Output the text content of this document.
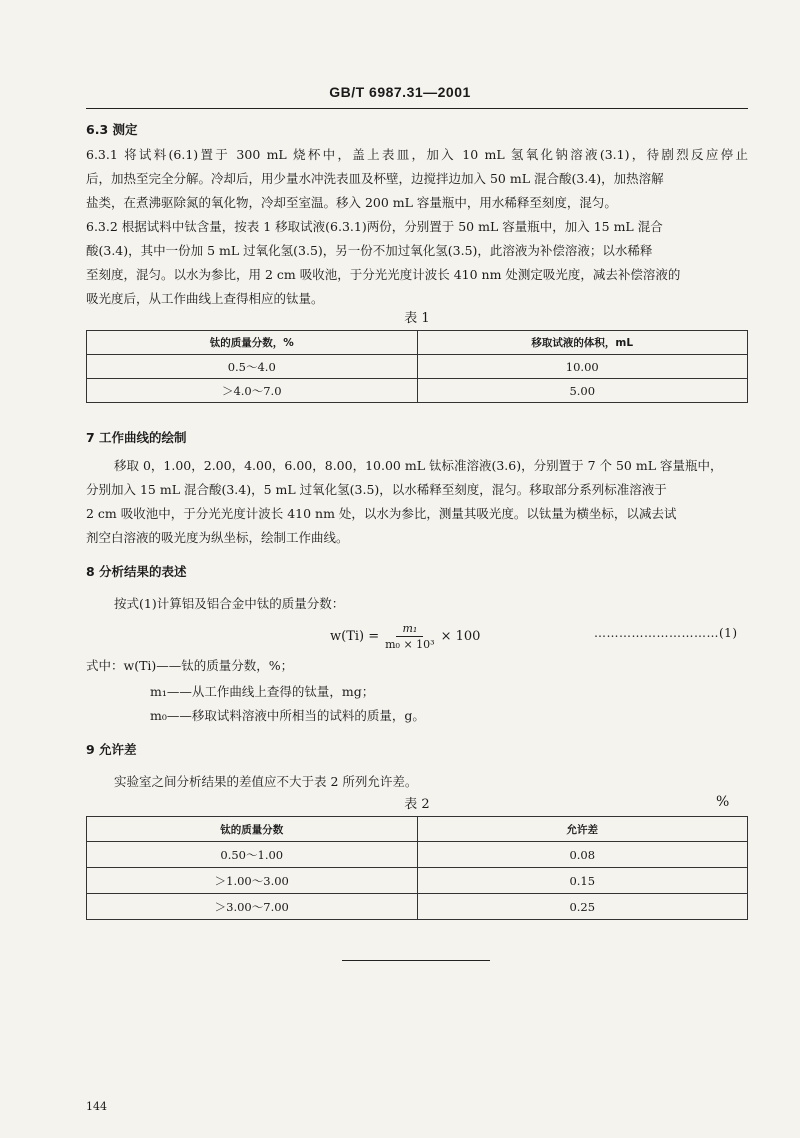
GB/T 6987.31—2001
6.3 测定
6.3.1 将试料(6.1)置于 300 mL 烧杯中，盖上表皿，加入 10 mL 氢氧化钠溶液(3.1)，待剧烈反应停止
后，加热至完全分解。冷却后，用少量水冲洗表皿及杯壁，边搅拌边加入 50 mL 混合酸(3.4)，加热溶解
盐类，在煮沸驱除氮的氧化物，冷却至室温。移入 200 mL 容量瓶中，用水稀释至刻度，混匀。
6.3.2 根据试料中钛含量，按表 1 移取试液(6.3.1)两份，分别置于 50 mL 容量瓶中，加入 15 mL 混合
酸(3.4)，其中一份加 5 mL 过氧化氢(3.5)，另一份不加过氧化氢(3.5)，此溶液为补偿溶液；以水稀释
至刻度，混匀。以水为参比，用 2 cm 吸收池，于分光光度计波长 410 nm 处测定吸光度，减去补偿溶液的
吸光度后，从工作曲线上查得相应的钛量。
表 1
钛的质量分数，%	移取试液的体积，mL
0.5～4.0	10.00
＞4.0～7.0	5.00
7 工作曲线的绘制
移取 0，1.00，2.00，4.00，6.00，8.00，10.00 mL 钛标准溶液(3.6)，分别置于 7 个 50 mL 容量瓶中，
分别加入 15 mL 混合酸(3.4)，5 mL 过氧化氢(3.5)，以水稀释至刻度，混匀。移取部分系列标准溶液于
2 cm 吸收池中，于分光光度计波长 410 nm 处，以水为参比，测量其吸光度。以钛量为横坐标，以减去试
剂空白溶液的吸光度为纵坐标，绘制工作曲线。
8 分析结果的表述
按式(1)计算铝及铝合金中钛的质量分数：
$w(Ti) = \frac{\text{m₁}}{\text{m₀ × 10³}} \times 100$	…………………………(1)
式中：w(Ti)——钛的质量分数，%；
m₁——从工作曲线上查得的钛量，mg；
m₀——移取试料溶液中所相当的试料的质量，g。
9 允许差
实验室之间分析结果的差值应不大于表 2 所列允许差。
表 2	%
钛的质量分数	允许差
0.50～1.00	0.08
＞1.00～3.00	0.15
＞3.00～7.00	0.25
144
